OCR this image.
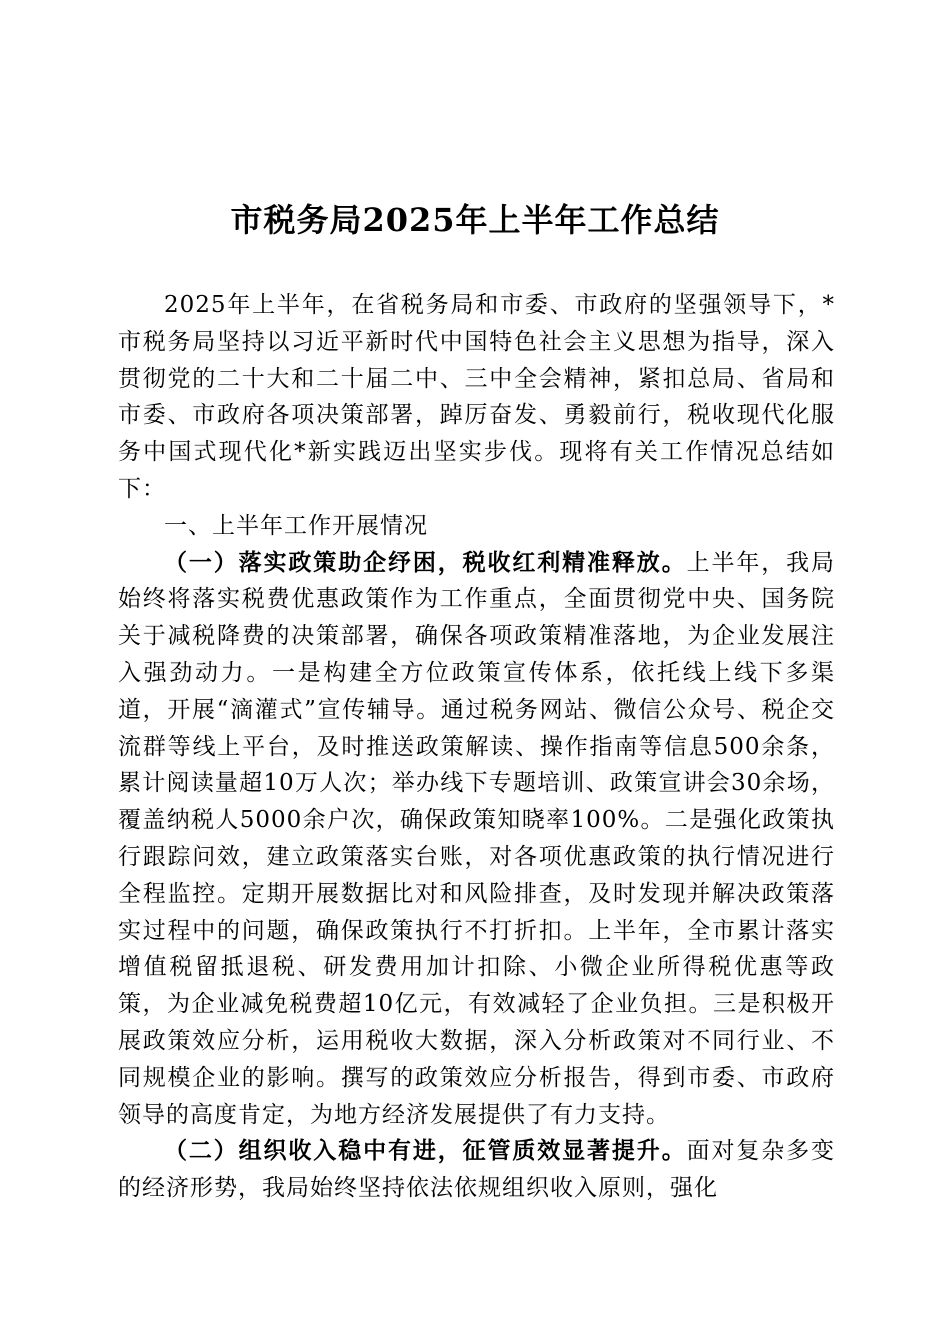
市税务局2025年上半年工作总结

2025年上半年，在省税务局和市委、市政府的坚强领导下，*市税务局坚持以习近平新时代中国特色社会主义思想为指导，深入贯彻党的二十大和二十届二中、三中全会精神，紧扣总局、省局和市委、市政府各项决策部署，踔厉奋发、勇毅前行，税收现代化服务中国式现代化*新实践迈出坚实步伐。现将有关工作情况总结如下：

一、上半年工作开展情况

（一）落实政策助企纾困，税收红利精准释放。上半年，我局始终将落实税费优惠政策作为工作重点，全面贯彻党中央、国务院关于减税降费的决策部署，确保各项政策精准落地，为企业发展注入强劲动力。一是构建全方位政策宣传体系，依托线上线下多渠道，开展“滴灌式”宣传辅导。通过税务网站、微信公众号、税企交流群等线上平台，及时推送政策解读、操作指南等信息500余条，累计阅读量超10万人次；举办线下专题培训、政策宣讲会30余场，覆盖纳税人5000余户次，确保政策知晓率100%。二是强化政策执行跟踪问效，建立政策落实台账，对各项优惠政策的执行情况进行全程监控。定期开展数据比对和风险排查，及时发现并解决政策落实过程中的问题，确保政策执行不打折扣。上半年，全市累计落实增值税留抵退税、研发费用加计扣除、小微企业所得税优惠等政策，为企业减免税费超10亿元，有效减轻了企业负担。三是积极开展政策效应分析，运用税收大数据，深入分析政策对不同行业、不同规模企业的影响。撰写的政策效应分析报告，得到市委、市政府领导的高度肯定，为地方经济发展提供了有力支持。

（二）组织收入稳中有进，征管质效显著提升。面对复杂多变的经济形势，我局始终坚持依法依规组织收入原则，强化
